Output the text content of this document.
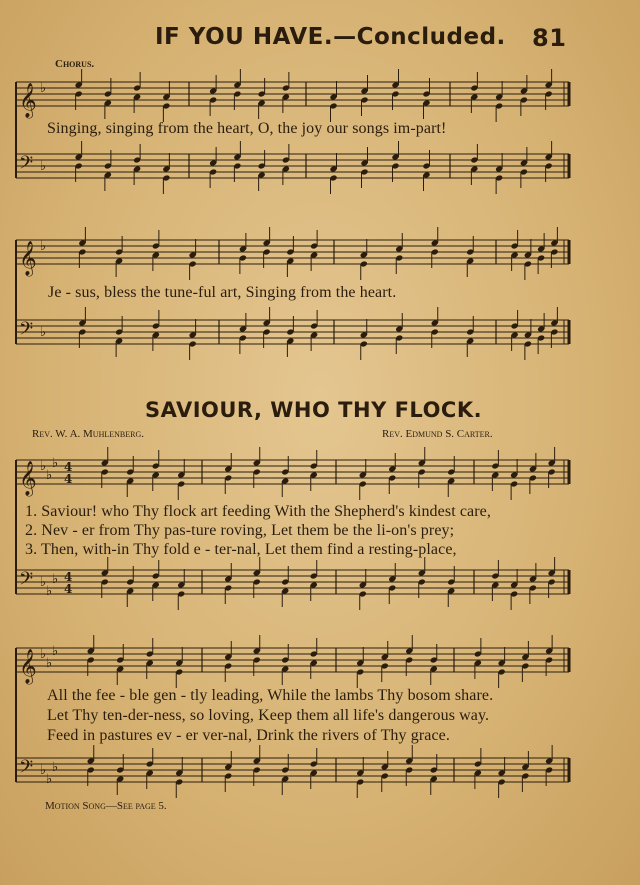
IF YOU HAVE.—Concluded. 81
Chorus.
𝄞 ♭
𝄢 ♭
Singing, singing from the heart, O, the joy our songs im-part!
𝄞 ♭
𝄢 ♭
Je - sus, bless the tune-ful art, Singing from the heart.
SAVIOUR, WHO THY FLOCK.
Rev. W. A. Muhlenberg.	Rev. Edmund S. Carter.
𝄞 ♭
♭
♭ 4
4
𝄢 ♭
♭
♭ 4
4
1. Saviour! who Thy flock art feeding With the Shepherd's kindest care,
2. Nev - er from Thy pas-ture roving, Let them be the li-on's prey;
3. Then, with-in Thy fold e - ter-nal, Let them find a resting-place,
𝄞 ♭
♭
♭
𝄢 ♭
♭
♭
All the fee - ble gen - tly leading, While the lambs Thy bosom share.
Let Thy ten-der-ness, so loving, Keep them all life's dangerous way.
Feed in pastures ev - er ver-nal, Drink the rivers of Thy grace.
Motion Song—See page 5.
